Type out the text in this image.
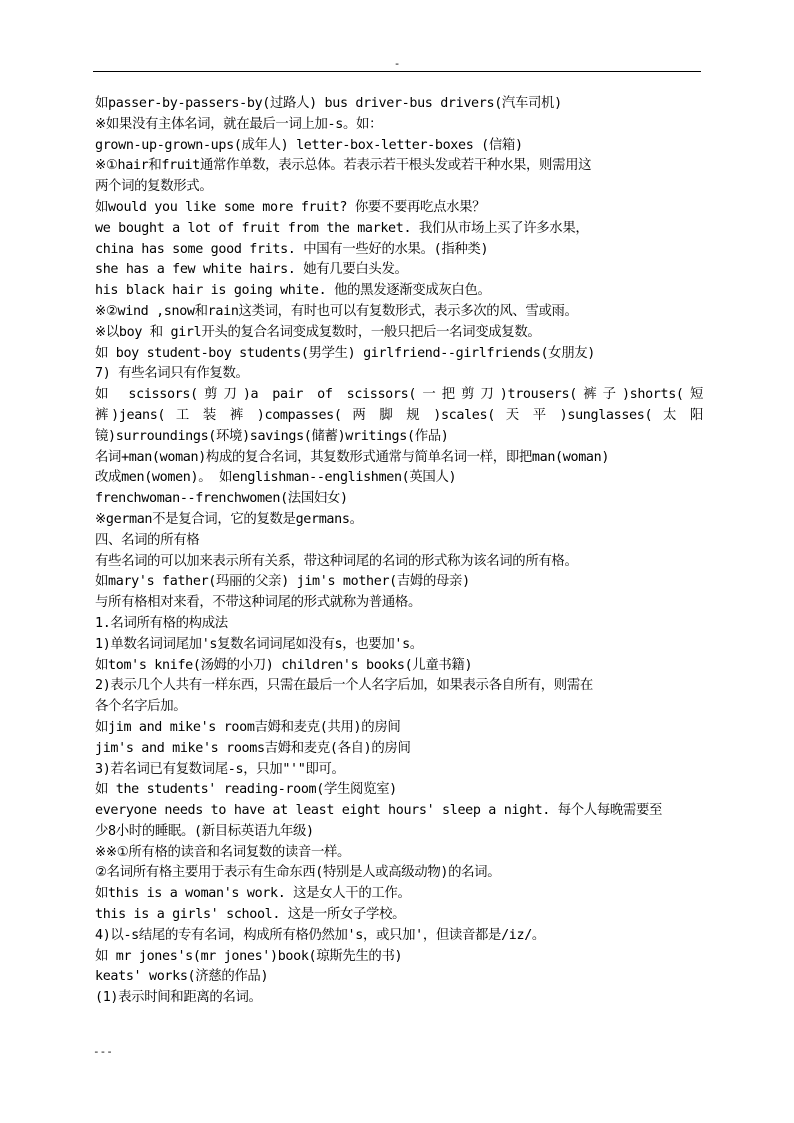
-
如passer-by-passers-by(过路人) bus driver-bus drivers(汽车司机)
※如果没有主体名词，就在最后一词上加-s。如：
grown-up-grown-ups(成年人) letter-box-letter-boxes (信箱)
※①hair和fruit通常作单数，表示总体。若表示若干根头发或若干种水果，则需用这
两个词的复数形式。
如would you like some more fruit? 你要不要再吃点水果？
we bought a lot of fruit from the market. 我们从市场上买了许多水果，
china has some good frits. 中国有一些好的水果。(指种类)
she has a few white hairs. 她有几要白头发。
his black hair is going white. 他的黑发逐渐变成灰白色。
※②wind ,snow和rain这类词，有时也可以有复数形式，表示多次的风、雪或雨。
※以boy 和 girl开头的复合名词变成复数时，一般只把后一名词变成复数。
如 boy student-boy students(男学生) girlfriend--girlfriends(女朋友)
7) 有些名词只有作复数。
如 scissors(剪刀)a pair of scissors(一把剪刀)trousers(裤子)shorts(短
裤)jeans( 工 装 裤 )compasses( 两 脚 规 )scales( 天 平 )sunglasses( 太 阳
镜)surroundings(环境)savings(储蓄)writings(作品)
名词+man(woman)构成的复合名词，其复数形式通常与简单名词一样，即把man(woman)
改成men(women)。 如englishman--englishmen(英国人)
frenchwoman--frenchwomen(法国妇女)
※german不是复合词，它的复数是germans。
四、名词的所有格
有些名词的可以加来表示所有关系，带这种词尾的名词的形式称为该名词的所有格。
如mary's father(玛丽的父亲) jim's mother(吉姆的母亲)
与所有格相对来看，不带这种词尾的形式就称为普通格。
1.名词所有格的构成法
1)单数名词词尾加's复数名词词尾如没有s，也要加's。
如tom's knife(汤姆的小刀) children's books(儿童书籍)
2)表示几个人共有一样东西，只需在最后一个人名字后加，如果表示各自所有，则需在
各个名字后加。
如jim and mike's room吉姆和麦克(共用)的房间
jim's and mike's rooms吉姆和麦克(各自)的房间
3)若名词已有复数词尾-s，只加"'"即可。
如 the students' reading-room(学生阅览室)
everyone needs to have at least eight hours' sleep a night. 每个人每晚需要至
少8小时的睡眠。(新目标英语九年级)
※※①所有格的读音和名词复数的读音一样。
②名词所有格主要用于表示有生命东西(特别是人或高级动物)的名词。
如this is a woman's work. 这是女人干的工作。
this is a girls' school. 这是一所女子学校。
4)以-s结尾的专有名词，构成所有格仍然加's，或只加'，但读音都是/iz/。
如 mr jones's(mr jones')book(琼斯先生的书)
keats' works(济慈的作品)
(1)表示时间和距离的名词。
---
